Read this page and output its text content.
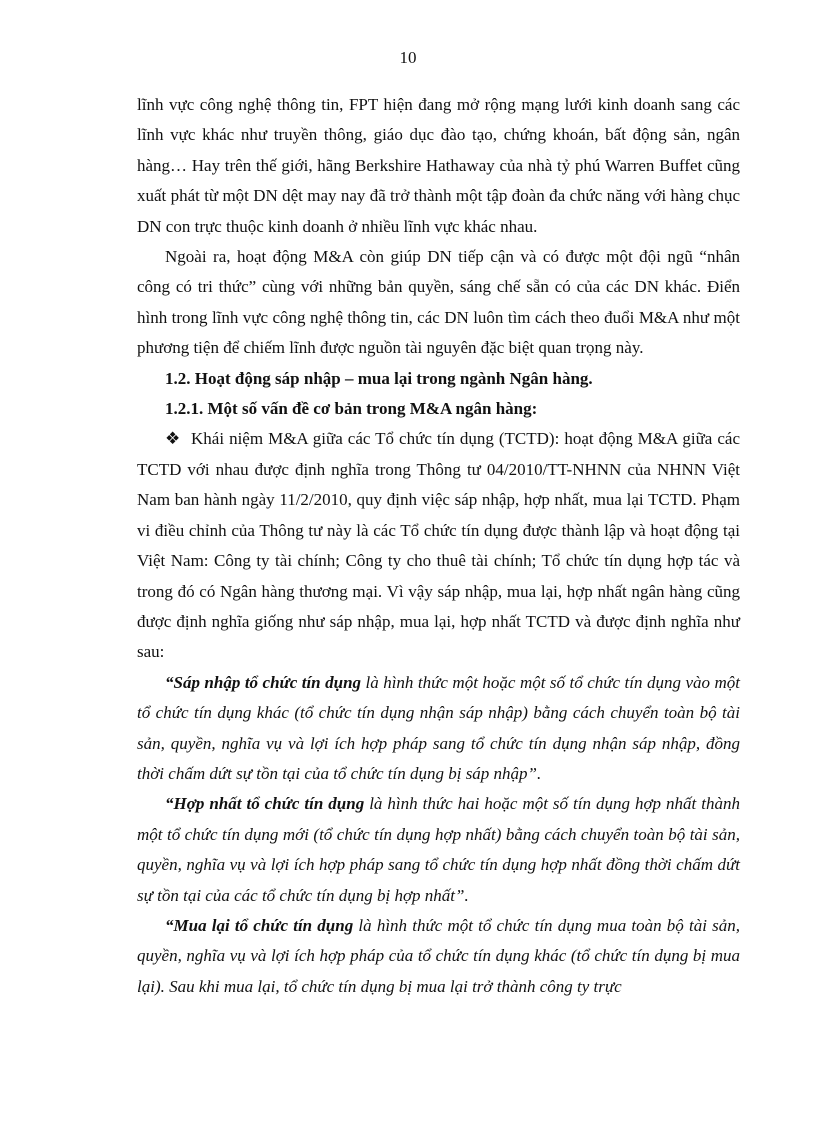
10

lĩnh vực công nghệ thông tin, FPT hiện đang mở rộng mạng lưới kinh doanh sang các lĩnh vực khác như truyền thông, giáo dục đào tạo, chứng khoán, bất động sản, ngân hàng… Hay trên thế giới, hãng Berkshire Hathaway của nhà tỷ phú Warren Buffet cũng xuất phát từ một DN dệt may nay đã trở thành một tập đoàn đa chức năng với hàng chục DN con trực thuộc kinh doanh ở nhiều lĩnh vực khác nhau.

Ngoài ra, hoạt động M&A còn giúp DN tiếp cận và có được một đội ngũ “nhân công có tri thức” cùng với những bản quyền, sáng chế sẵn có của các DN khác. Điển hình trong lĩnh vực công nghệ thông tin, các DN luôn tìm cách theo đuổi M&A như một phương tiện để chiếm lĩnh được nguồn tài nguyên đặc biệt quan trọng này.

1.2. Hoạt động sáp nhập – mua lại trong ngành Ngân hàng.

1.2.1. Một số vấn đề cơ bản trong M&A ngân hàng:

❖ Khái niệm M&A giữa các Tổ chức tín dụng (TCTD): hoạt động M&A giữa các TCTD với nhau được định nghĩa trong Thông tư 04/2010/TT-NHNN của NHNN Việt Nam ban hành ngày 11/2/2010, quy định việc sáp nhập, hợp nhất, mua lại TCTD. Phạm vi điều chỉnh của Thông tư này là các Tổ chức tín dụng được thành lập và hoạt động tại Việt Nam: Công ty tài chính; Công ty cho thuê tài chính; Tổ chức tín dụng hợp tác và trong đó có Ngân hàng thương mại. Vì vậy sáp nhập, mua lại, hợp nhất ngân hàng cũng được định nghĩa giống như sáp nhập, mua lại, hợp nhất TCTD và được định nghĩa như sau:

“Sáp nhập tổ chức tín dụng là hình thức một hoặc một số tổ chức tín dụng vào một tổ chức tín dụng khác (tổ chức tín dụng nhận sáp nhập) bằng cách chuyển toàn bộ tài sản, quyền, nghĩa vụ và lợi ích hợp pháp sang tổ chức tín dụng nhận sáp nhập, đồng thời chấm dứt sự tồn tại của tổ chức tín dụng bị sáp nhập”.

“Hợp nhất tổ chức tín dụng là hình thức hai hoặc một số tín dụng hợp nhất thành một tổ chức tín dụng mới (tổ chức tín dụng hợp nhất) bằng cách chuyển toàn bộ tài sản, quyền, nghĩa vụ và lợi ích hợp pháp sang tổ chức tín dụng hợp nhất đồng thời chấm dứt sự tồn tại của các tổ chức tín dụng bị hợp nhất”.

“Mua lại tổ chức tín dụng là hình thức một tổ chức tín dụng mua toàn bộ tài sản, quyền, nghĩa vụ và lợi ích hợp pháp của tổ chức tín dụng khác (tổ chức tín dụng bị mua lại). Sau khi mua lại, tổ chức tín dụng bị mua lại trở thành công ty trực
